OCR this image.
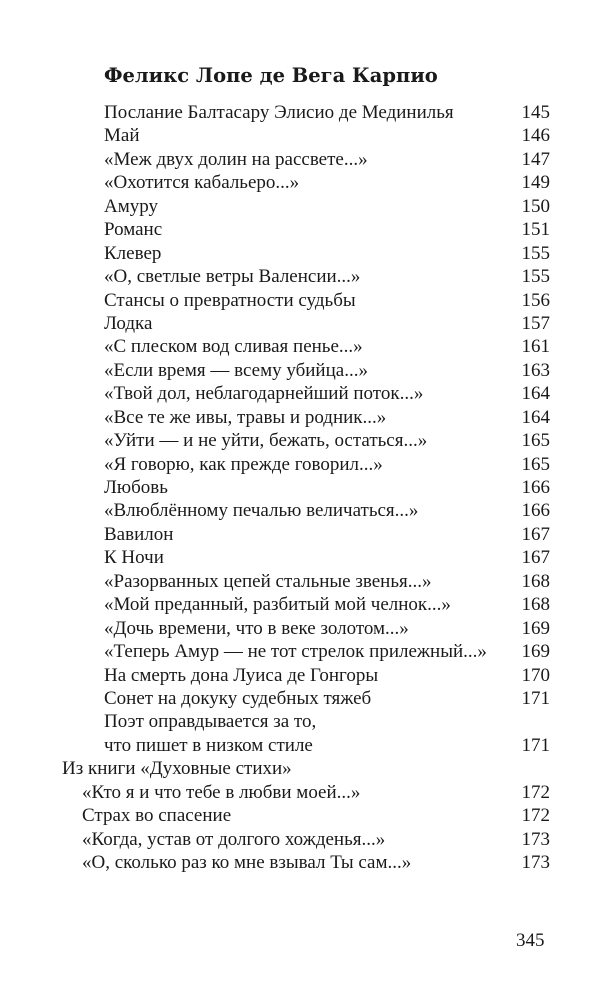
Феликс Лопе де Вега Карпио
Послание Балтасару Элисио де Мединилья	145
Май	146
«Меж двух долин на рассвете...»	147
«Охотится кабальеро...»	149
Амуру	150
Романс	151
Клевер	155
«О, светлые ветры Валенсии...»	155
Стансы о превратности судьбы	156
Лодка	157
«С плеском вод сливая пенье...»	161
«Если время — всему убийца...»	163
«Твой дол, неблагодарнейший поток...»	164
«Все те же ивы, травы и родник...»	164
«Уйти — и не уйти, бежать, остаться...»	165
«Я говорю, как прежде говорил...»	165
Любовь	166
«Влюблённому печалью величаться...»	166
Вавилон	167
К Ночи	167
«Разорванных цепей стальные звенья...»	168
«Мой преданный, разбитый мой челнок...»	168
«Дочь времени, что в веке золотом...»	169
«Теперь Амур — не тот стрелок прилежный...» 169
На смерть дона Луиса де Гонгоры	170
Сонет на докуку судебных тяжеб	171
Поэт оправдывается за то,
что пишет в низком стиле	171
Из книги «Духовные стихи»
«Кто я и что тебе в любви моей...»	172
Страх во спасение	172
«Когда, устав от долгого хожденья...»	173
«О, сколько раз ко мне взывал Ты сам...»	173
345
